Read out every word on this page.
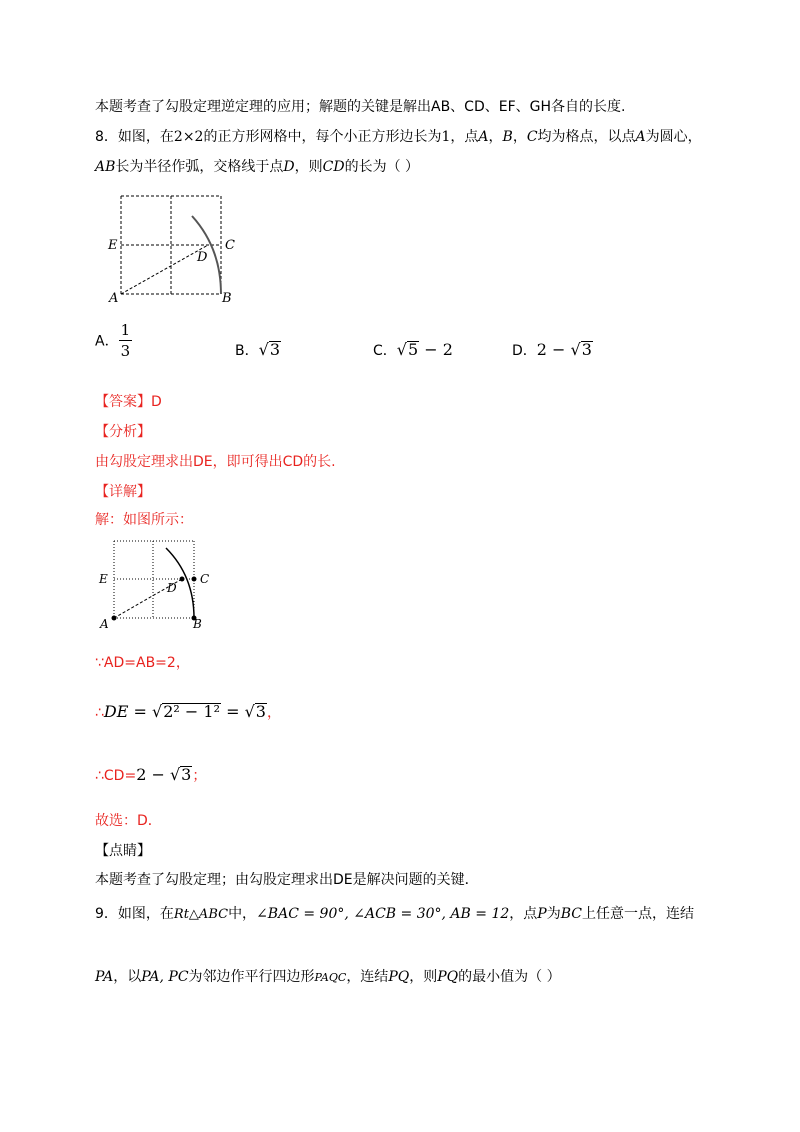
本题考查了勾股定理逆定理的应用；解题的关键是解出AB、CD、EF、GH各自的长度.
8．如图，在2×2的正方形网格中，每个小正方形边长为1，点A，B，C均为格点，以点A为圆心，
AB长为半径作弧，交格线于点D，则CD的长为（ ）
E	C
D
A	B
A． $\frac{1}{3}$	B．√3	C．√5 − 2	D．2 − √3
【答案】D
【分析】
由勾股定理求出DE，即可得出CD的长.
【详解】
解：如图所示：
E	C
D
A	B
∵AD=AB=2，
∴DE = √2² − 1² = √3，
∴CD=2 − √3；
故选：D．
【点睛】
本题考查了勾股定理；由勾股定理求出DE是解决问题的关键．
9．如图，在Rt△ABC中，∠BAC = 90°, ∠ACB = 30°, AB = 12，点P为BC上任意一点，连结
PA，以PA, PC为邻边作平行四边形PAQC，连结PQ，则PQ的最小值为（ ）
